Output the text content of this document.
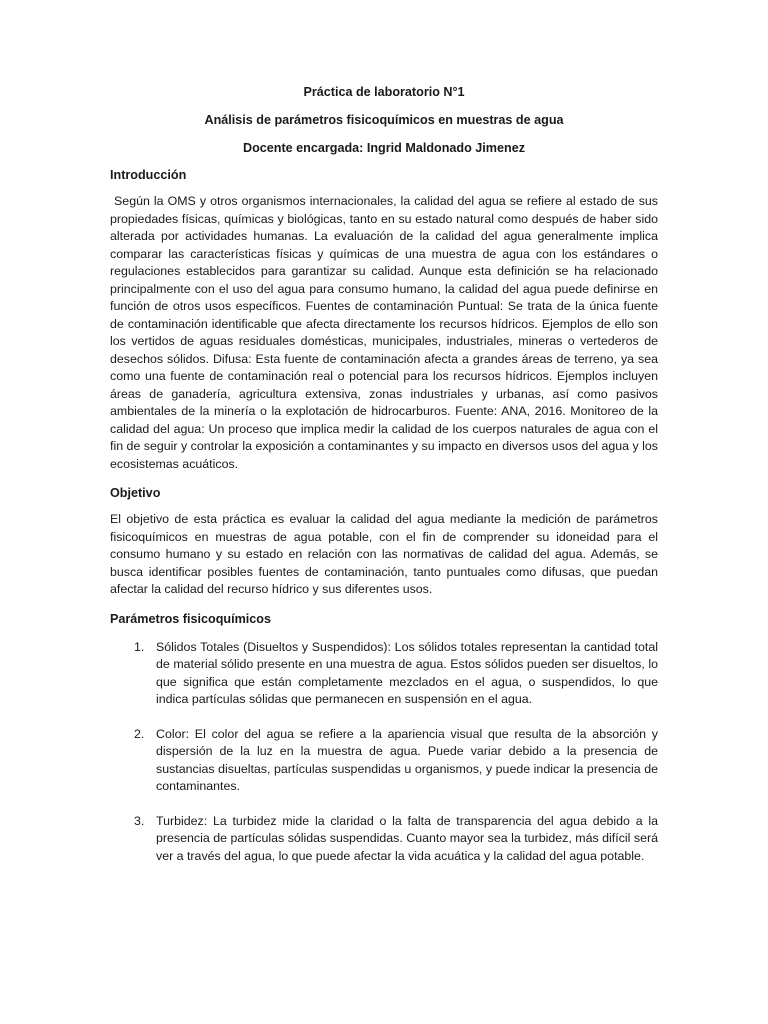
Práctica de laboratorio N°1

Análisis de parámetros fisicoquímicos en muestras de agua

Docente encargada: Ingrid Maldonado Jimenez

Introducción

Según la OMS y otros organismos internacionales, la calidad del agua se refiere al estado de sus propiedades físicas, químicas y biológicas, tanto en su estado natural como después de haber sido alterada por actividades humanas. La evaluación de la calidad del agua generalmente implica comparar las características físicas y químicas de una muestra de agua con los estándares o regulaciones establecidos para garantizar su calidad. Aunque esta definición se ha relacionado principalmente con el uso del agua para consumo humano, la calidad del agua puede definirse en función de otros usos específicos. Fuentes de contaminación Puntual: Se trata de la única fuente de contaminación identificable que afecta directamente los recursos hídricos. Ejemplos de ello son los vertidos de aguas residuales domésticas, municipales, industriales, mineras o vertederos de desechos sólidos. Difusa: Esta fuente de contaminación afecta a grandes áreas de terreno, ya sea como una fuente de contaminación real o potencial para los recursos hídricos. Ejemplos incluyen áreas de ganadería, agricultura extensiva, zonas industriales y urbanas, así como pasivos ambientales de la minería o la explotación de hidrocarburos. Fuente: ANA, 2016. Monitoreo de la calidad del agua: Un proceso que implica medir la calidad de los cuerpos naturales de agua con el fin de seguir y controlar la exposición a contaminantes y su impacto en diversos usos del agua y los ecosistemas acuáticos.

Objetivo

El objetivo de esta práctica es evaluar la calidad del agua mediante la medición de parámetros fisicoquímicos en muestras de agua potable, con el fin de comprender su idoneidad para el consumo humano y su estado en relación con las normativas de calidad del agua. Además, se busca identificar posibles fuentes de contaminación, tanto puntuales como difusas, que puedan afectar la calidad del recurso hídrico y sus diferentes usos.

Parámetros fisicoquímicos

1. Sólidos Totales (Disueltos y Suspendidos): Los sólidos totales representan la cantidad total de material sólido presente en una muestra de agua. Estos sólidos pueden ser disueltos, lo que significa que están completamente mezclados en el agua, o suspendidos, lo que indica partículas sólidas que permanecen en suspensión en el agua.
2. Color: El color del agua se refiere a la apariencia visual que resulta de la absorción y dispersión de la luz en la muestra de agua. Puede variar debido a la presencia de sustancias disueltas, partículas suspendidas u organismos, y puede indicar la presencia de contaminantes.
3. Turbidez: La turbidez mide la claridad o la falta de transparencia del agua debido a la presencia de partículas sólidas suspendidas. Cuanto mayor sea la turbidez, más difícil será ver a través del agua, lo que puede afectar la vida acuática y la calidad del agua potable.
